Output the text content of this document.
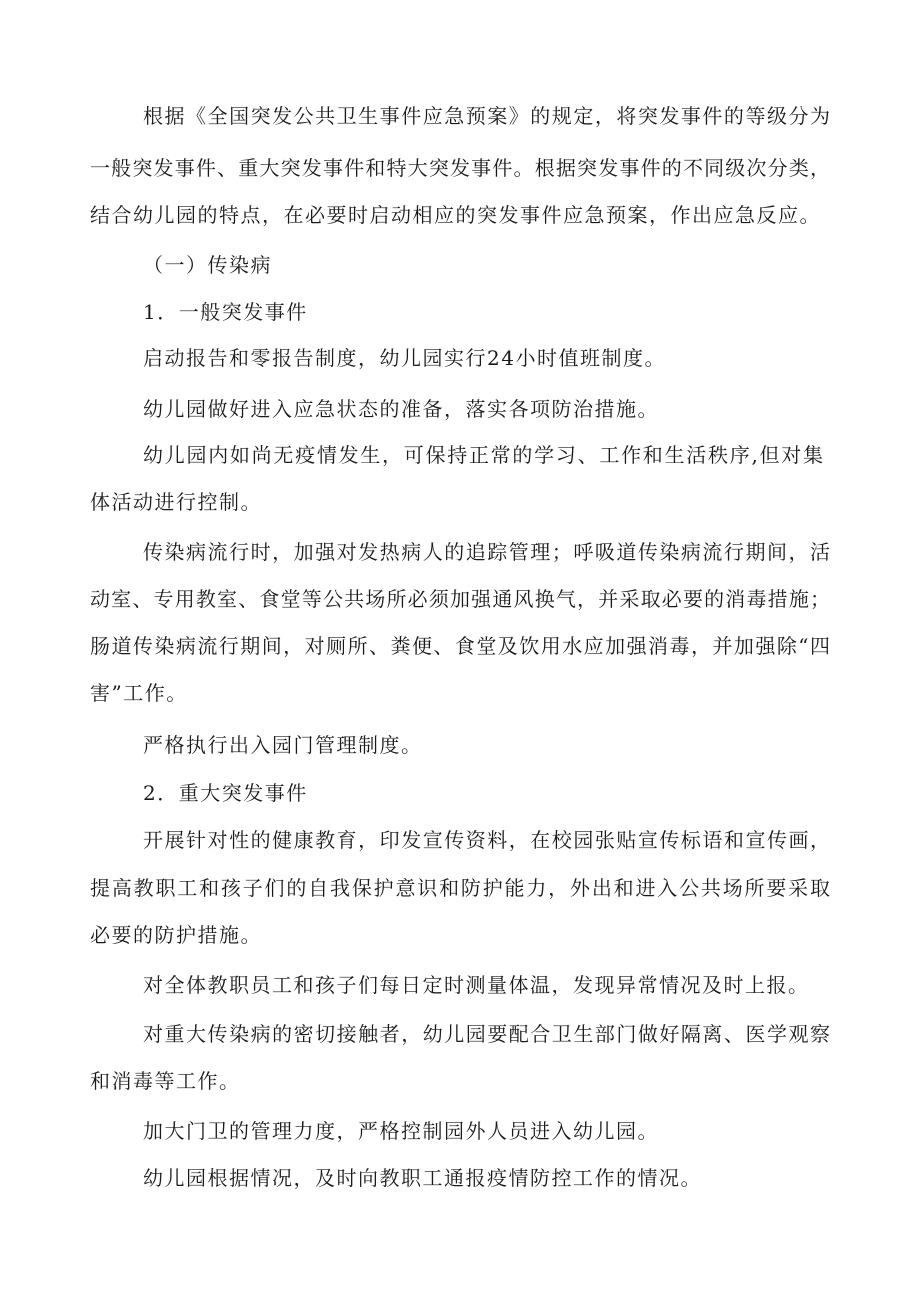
根据《全国突发公共卫生事件应急预案》的规定，将突发事件的等级分为
一般突发事件、重大突发事件和特大突发事件。根据突发事件的不同级次分类，
结合幼儿园的特点，在必要时启动相应的突发事件应急预案，作出应急反应。
（一）传染病
1．一般突发事件
启动报告和零报告制度，幼儿园实行24小时值班制度。
幼儿园做好进入应急状态的准备，落实各项防治措施。
幼儿园内如尚无疫情发生，可保持正常的学习、工作和生活秩序,但对集
体活动进行控制。
传染病流行时，加强对发热病人的追踪管理；呼吸道传染病流行期间，活
动室、专用教室、食堂等公共场所必须加强通风换气，并采取必要的消毒措施；
肠道传染病流行期间，对厕所、粪便、食堂及饮用水应加强消毒，并加强除“四
害”工作。
严格执行出入园门管理制度。
2．重大突发事件
开展针对性的健康教育，印发宣传资料，在校园张贴宣传标语和宣传画，
提高教职工和孩子们的自我保护意识和防护能力，外出和进入公共场所要采取
必要的防护措施。
对全体教职员工和孩子们每日定时测量体温，发现异常情况及时上报。
对重大传染病的密切接触者，幼儿园要配合卫生部门做好隔离、医学观察
和消毒等工作。
加大门卫的管理力度，严格控制园外人员进入幼儿园。
幼儿园根据情况，及时向教职工通报疫情防控工作的情况。
